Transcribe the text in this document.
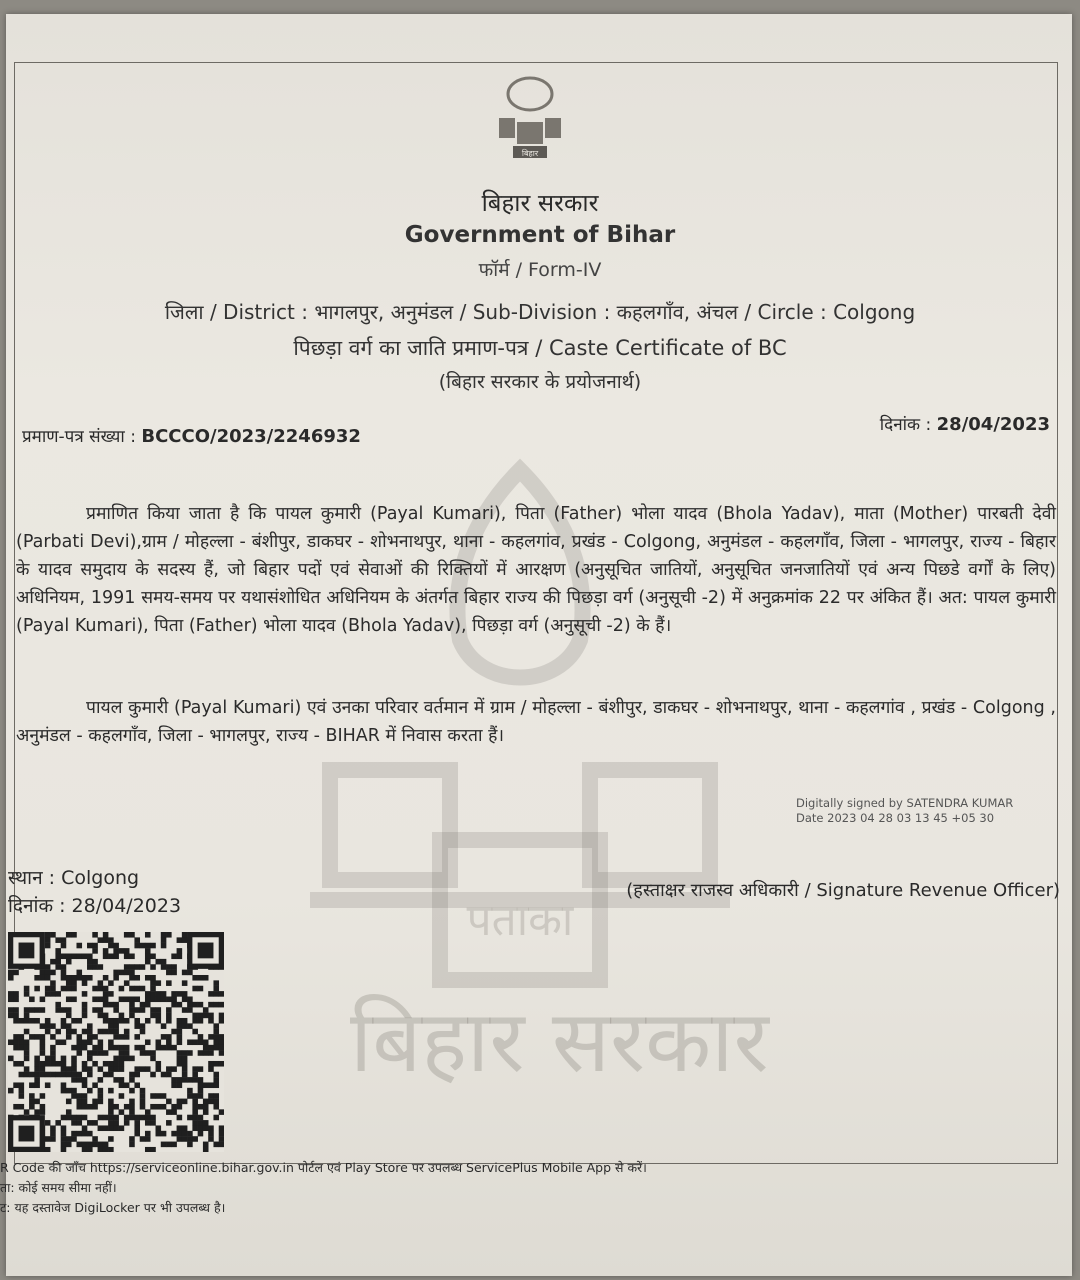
पताका
बिहार सरकार
बिहार
बिहार सरकार
Government of Bihar
फॉर्म / Form-IV
जिला / District : भागलपुर, अनुमंडल / Sub-Division : कहलगाँव, अंचल / Circle : Colgong
पिछड़ा वर्ग का जाति प्रमाण-पत्र / Caste Certificate of BC
(बिहार सरकार के प्रयोजनार्थ)
प्रमाण-पत्र संख्या : BCCCO/2023/2246932
दिनांक : 28/04/2023
प्रमाणित किया जाता है कि पायल कुमारी (Payal Kumari), पिता (Father) भोला यादव (Bhola Yadav), माता (Mother) पारबती देवी (Parbati Devi),ग्राम / मोहल्ला - बंशीपुर, डाकघर - शोभनाथपुर, थाना - कहलगांव, प्रखंड - Colgong, अनुमंडल - कहलगाँव, जिला - भागलपुर, राज्य - बिहार के यादव समुदाय के सदस्य हैं, जो बिहार पदों एवं सेवाओं की रिक्तियों में आरक्षण (अनुसूचित जातियों, अनुसूचित जनजातियों एवं अन्य पिछडे वर्गों के लिए) अधिनियम, 1991 समय-समय पर यथासंशोधित अधिनियम के अंतर्गत बिहार राज्य की पिछड़ा वर्ग (अनुसूची -2) में अनुक्रमांक 22 पर अंकित हैं। अत: पायल कुमारी (Payal Kumari), पिता (Father) भोला यादव (Bhola Yadav), पिछड़ा वर्ग (अनुसूची -2) के हैं।
पायल कुमारी (Payal Kumari) एवं उनका परिवार वर्तमान में ग्राम / मोहल्ला - बंशीपुर, डाकघर - शोभनाथपुर, थाना - कहलगांव , प्रखंड - Colgong , अनुमंडल - कहलगाँव, जिला - भागलपुर, राज्य - BIHAR में निवास करता हैं।
Digitally signed by SATENDRA KUMAR
Date 2023 04 28 03 13 45 +05 30
स्थान : Colgong
दिनांक : 28/04/2023
(हस्ताक्षर राजस्व अधिकारी / Signature Revenue Officer)
R Code की जाँच https://serviceonline.bihar.gov.in पोर्टल एवं Play Store पर उपलब्ध ServicePlus Mobile App से करें।
ता: कोई समय सीमा नहीं।
ट: यह दस्तावेज DigiLocker पर भी उपलब्ध है।
